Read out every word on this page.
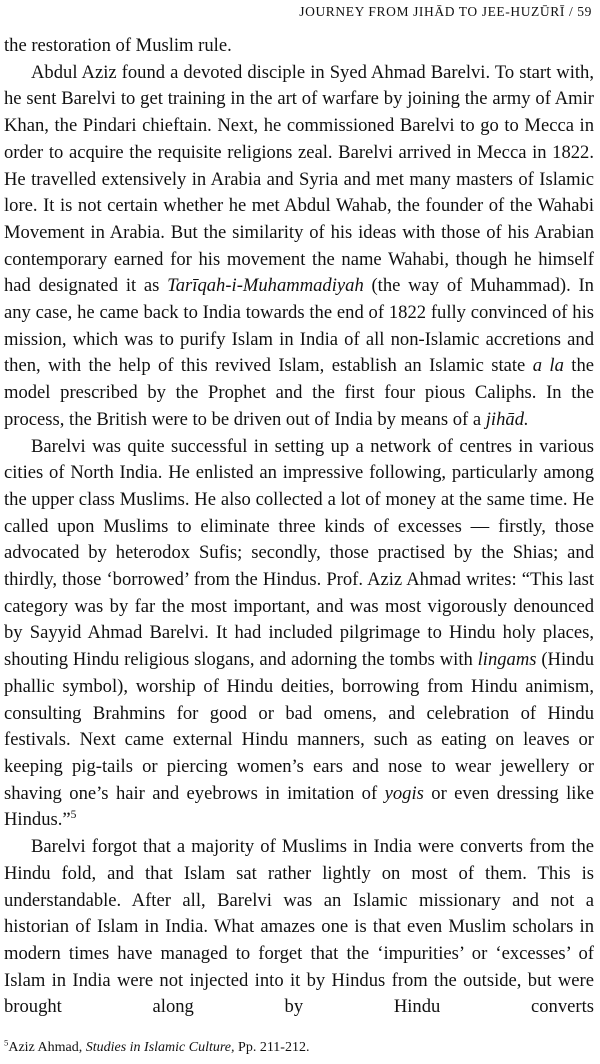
JOURNEY FROM JIHĀD TO JEE-HUZŪRĪ / 59

the restoration of Muslim rule.

Abdul Aziz found a devoted disciple in Syed Ahmad Barelvi. To start with, he sent Barelvi to get training in the art of warfare by joining the army of Amir Khan, the Pindari chieftain. Next, he commissioned Barelvi to go to Mecca in order to acquire the requisite religions zeal. Barelvi arrived in Mecca in 1822. He travelled extensively in Arabia and Syria and met many masters of Islamic lore. It is not certain whether he met Abdul Wahab, the founder of the Wahabi Movement in Arabia. But the similarity of his ideas with those of his Arabian contemporary earned for his movement the name Wahabi, though he himself had designated it as Tarīqah-i-Muhammadiyah (the way of Muhammad). In any case, he came back to India towards the end of 1822 fully convinced of his mission, which was to purify Islam in India of all non-Islamic accretions and then, with the help of this revived Islam, establish an Islamic state a la the model prescribed by the Prophet and the first four pious Caliphs. In the process, the British were to be driven out of India by means of a jihād.

Barelvi was quite successful in setting up a network of centres in various cities of North India. He enlisted an impressive following, particularly among the upper class Muslims. He also collected a lot of money at the same time. He called upon Muslims to eliminate three kinds of excesses — firstly, those advocated by heterodox Sufis; secondly, those practised by the Shias; and thirdly, those ‘borrowed’ from the Hindus. Prof. Aziz Ahmad writes: “This last category was by far the most important, and was most vigorously denounced by Sayyid Ahmad Barelvi. It had included pilgrimage to Hindu holy places, shouting Hindu religious slogans, and adorning the tombs with lingams (Hindu phallic symbol), worship of Hindu deities, borrowing from Hindu animism, consulting Brahmins for good or bad omens, and celebration of Hindu festivals. Next came external Hindu manners, such as eating on leaves or keeping pig-tails or piercing women’s ears and nose to wear jewellery or shaving one’s hair and eyebrows in imitation of yogis or even dressing like Hindus.”$^5$

Barelvi forgot that a majority of Muslims in India were converts from the Hindu fold, and that Islam sat rather lightly on most of them. This is understandable. After all, Barelvi was an Islamic missionary and not a historian of Islam in India. What amazes one is that even Muslim scholars in modern times have managed to forget that the ‘impurities’ or ‘excesses’ of Islam in India were not injected into it by Hindus from the outside, but were brought along by Hindu converts

$^5$Aziz Ahmad, Studies in Islamic Culture, Pp. 211-212.
